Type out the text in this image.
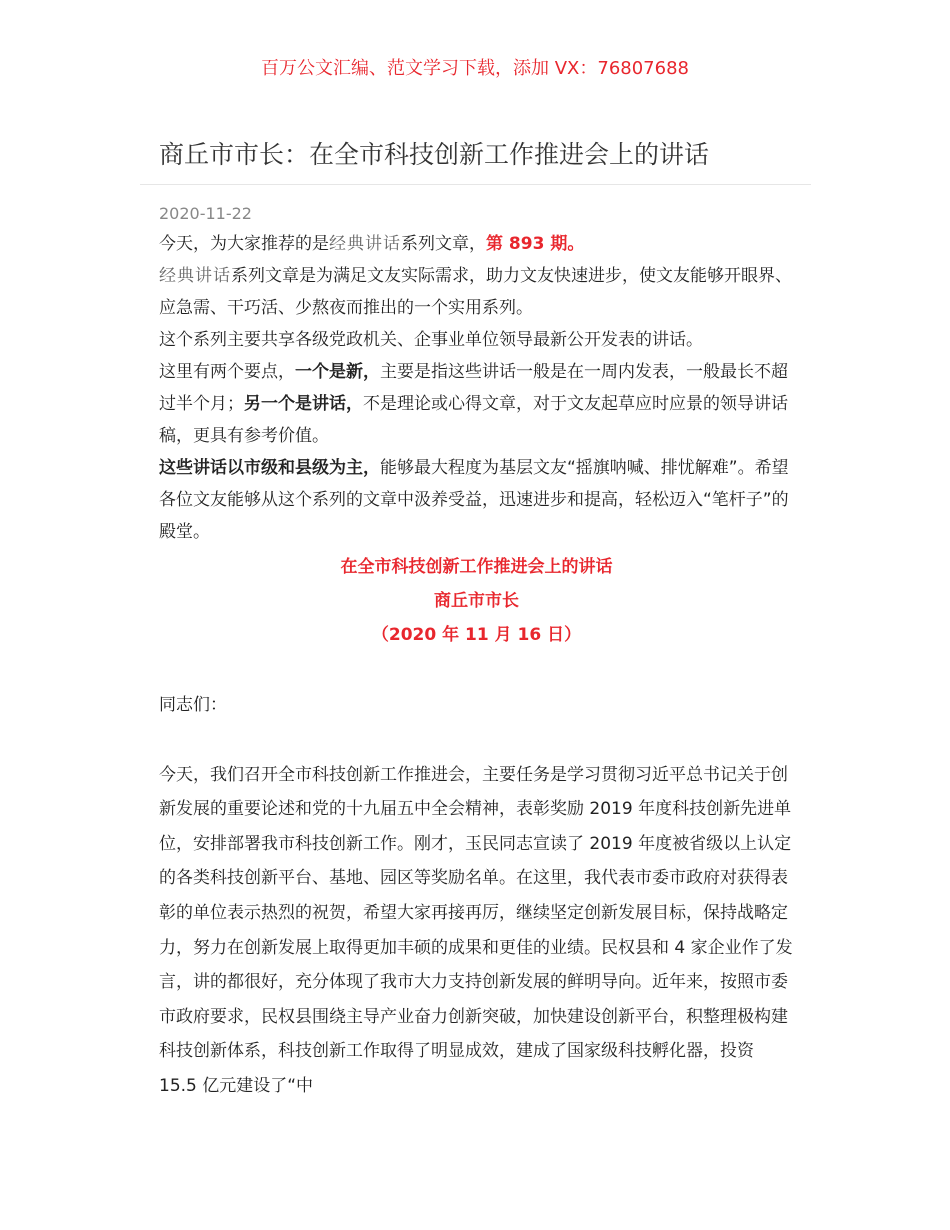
百万公文汇编、范文学习下载，添加 VX：76807688
商丘市市长：在全市科技创新工作推进会上的讲话
2020-11-22

今天，为大家推荐的是经典讲话系列文章，第 893 期。

经典讲话系列文章是为满足文友实际需求，助力文友快速进步，使文友能够开眼界、应急需、干巧活、少熬夜而推出的一个实用系列。

这个系列主要共享各级党政机关、企事业单位领导最新公开发表的讲话。

这里有两个要点，一个是新，主要是指这些讲话一般是在一周内发表，一般最长不超过半个月；另一个是讲话，不是理论或心得文章，对于文友起草应时应景的领导讲话稿，更具有参考价值。

这些讲话以市级和县级为主，能够最大程度为基层文友“摇旗呐喊、排忧解难”。希望各位文友能够从这个系列的文章中汲养受益，迅速进步和提高，轻松迈入“笔杆子”的殿堂。

在全市科技创新工作推进会上的讲话
商丘市市长
（2020 年 11 月 16 日）

同志们：

今天，我们召开全市科技创新工作推进会，主要任务是学习贯彻习近平总书记关于创新发展的重要论述和党的十九届五中全会精神，表彰奖励 2019 年度科技创新先进单位，安排部署我市科技创新工作。刚才，玉民同志宣读了 2019 年度被省级以上认定的各类科技创新平台、基地、园区等奖励名单。在这里，我代表市委市政府对获得表彰的单位表示热烈的祝贺，希望大家再接再厉，继续坚定创新发展目标，保持战略定力，努力在创新发展上取得更加丰硕的成果和更佳的业绩。民权县和 4 家企业作了发言，讲的都很好，充分体现了我市大力支持创新发展的鲜明导向。近年来，按照市委市政府要求，民权县围绕主导产业奋力创新突破，加快建设创新平台，积整理极构建科技创新体系，科技创新工作取得了明显成效，建成了国家级科技孵化器，投资 15.5 亿元建设了“中
